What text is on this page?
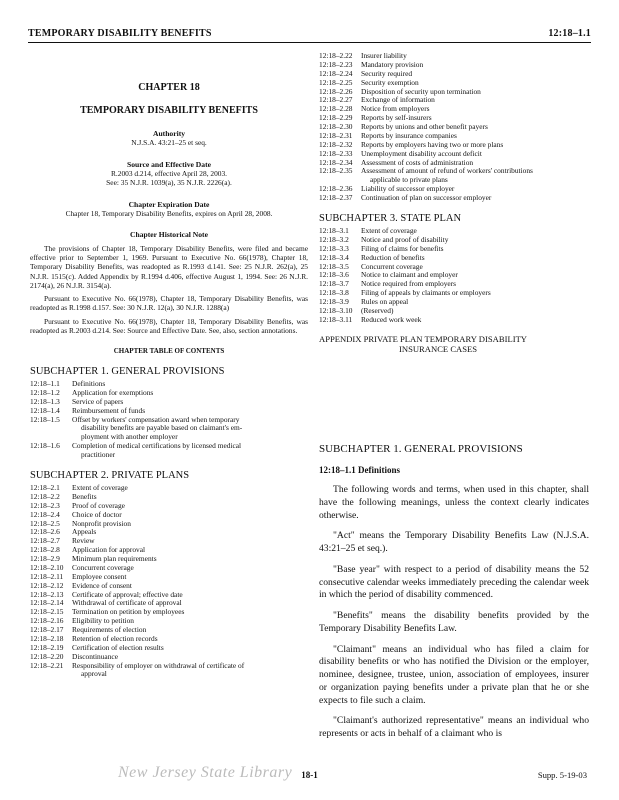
TEMPORARY DISABILITY BENEFITS	12:18–1.1
CHAPTER 18
TEMPORARY DISABILITY BENEFITS
Authority
N.J.S.A. 43:21–25 et seq.
Source and Effective Date
R.2003 d.214, effective April 28, 2003.
See: 35 N.J.R. 1039(a), 35 N.J.R. 2226(a).
Chapter Expiration Date
Chapter 18, Temporary Disability Benefits, expires on April 28, 2008.
Chapter Historical Note

The provisions of Chapter 18, Temporary Disability Benefits, were filed and became effective prior to September 1, 1969. Pursuant to Executive No. 66(1978), Chapter 18, Temporary Disability Benefits, was readopted as R.1993 d.141. See: 25 N.J.R. 262(a), 25 N.J.R. 1515(c). Added Appendix by R.1994 d.406, effective August 1, 1994. See: 26 N.J.R. 2174(a), 26 N.J.R. 3154(a).

Pursuant to Executive No. 66(1978), Chapter 18, Temporary Disability Benefits, was readopted as R.1998 d.157. See: 30 N.J.R. 12(a), 30 N.J.R. 1288(a)

Pursuant to Executive No. 66(1978), Chapter 18, Temporary Disability Benefits, was readopted as R.2003 d.214. See: Source and Effective Date. See, also, section annotations.

CHAPTER TABLE OF CONTENTS
SUBCHAPTER 1. GENERAL PROVISIONS
12:18–1.1	Definitions
12:18–1.2	Application for exemptions
12:18–1.3	Service of papers
12:18–1.4	Reimbursement of funds
12:18–1.5	Offset by workers' compensation award when temporary
disability benefits are payable based on claimant's em-
ployment with another employer
12:18–1.6	Completion of medical certifications by licensed medical
practitioner
SUBCHAPTER 2. PRIVATE PLANS
12:18–2.1	Extent of coverage
12:18–2.2	Benefits
12:18–2.3	Proof of coverage
12:18–2.4	Choice of doctor
12:18–2.5	Nonprofit provision
12:18–2.6	Appeals
12:18–2.7	Review
12:18–2.8	Application for approval
12:18–2.9	Minimum plan requirements
12:18–2.10	Concurrent coverage
12:18–2.11	Employee consent
12:18–2.12	Evidence of consent
12:18–2.13	Certificate of approval; effective date
12:18–2.14	Withdrawal of certificate of approval
12:18–2.15	Termination on petition by employees
12:18–2.16	Eligibility to petition
12:18–2.17	Requirements of election
12:18–2.18	Retention of election records
12:18–2.19	Certification of election results
12:18–2.20	Discontinuance
12:18–2.21	Responsibility of employer on withdrawal of certificate of
approval
12:18–2.22	Insurer liability
12:18–2.23	Mandatory provision
12:18–2.24	Security required
12:18–2.25	Security exemption
12:18–2.26	Disposition of security upon termination
12:18–2.27	Exchange of information
12:18–2.28	Notice from employers
12:18–2.29	Reports by self-insurers
12:18–2.30	Reports by unions and other benefit payers
12:18–2.31	Reports by insurance companies
12:18–2.32	Reports by employers having two or more plans
12:18–2.33	Unemployment disability account deficit
12:18–2.34	Assessment of costs of administration
12:18–2.35	Assessment of amount of refund of workers' contributions
applicable to private plans
12:18–2.36	Liability of successor employer
12:18–2.37	Continuation of plan on successor employer
SUBCHAPTER 3. STATE PLAN
12:18–3.1	Extent of coverage
12:18–3.2	Notice and proof of disability
12:18–3.3	Filing of claims for benefits
12:18–3.4	Reduction of benefits
12:18–3.5	Concurrent coverage
12:18–3.6	Notice to claimant and employer
12:18–3.7	Notice required from employers
12:18–3.8	Filing of appeals by claimants or employers
12:18–3.9	Rules on appeal
12:18–3.10	(Reserved)
12:18–3.11	Reduced work week
APPENDIX PRIVATE PLAN TEMPORARY DISABILITY
INSURANCE CASES
SUBCHAPTER 1. GENERAL PROVISIONS
12:18–1.1 Definitions

The following words and terms, when used in this chapter, shall have the following meanings, unless the context clearly indicates otherwise.

"Act" means the Temporary Disability Benefits Law (N.J.S.A. 43:21–25 et seq.).

"Base year" with respect to a period of disability means the 52 consecutive calendar weeks immediately preceding the calendar week in which the period of disability commenced.

"Benefits" means the disability benefits provided by the Temporary Disability Benefits Law.

"Claimant" means an individual who has filed a claim for disability benefits or who has notified the Division or the employer, nominee, designee, trustee, union, association of employees, insurer or organization paying benefits under a private plan that he or she expects to file such a claim.

"Claimant's authorized representative" means an individual who represents or acts in behalf of a claimant who is

New Jersey State Library	18-1	Supp. 5-19-03
